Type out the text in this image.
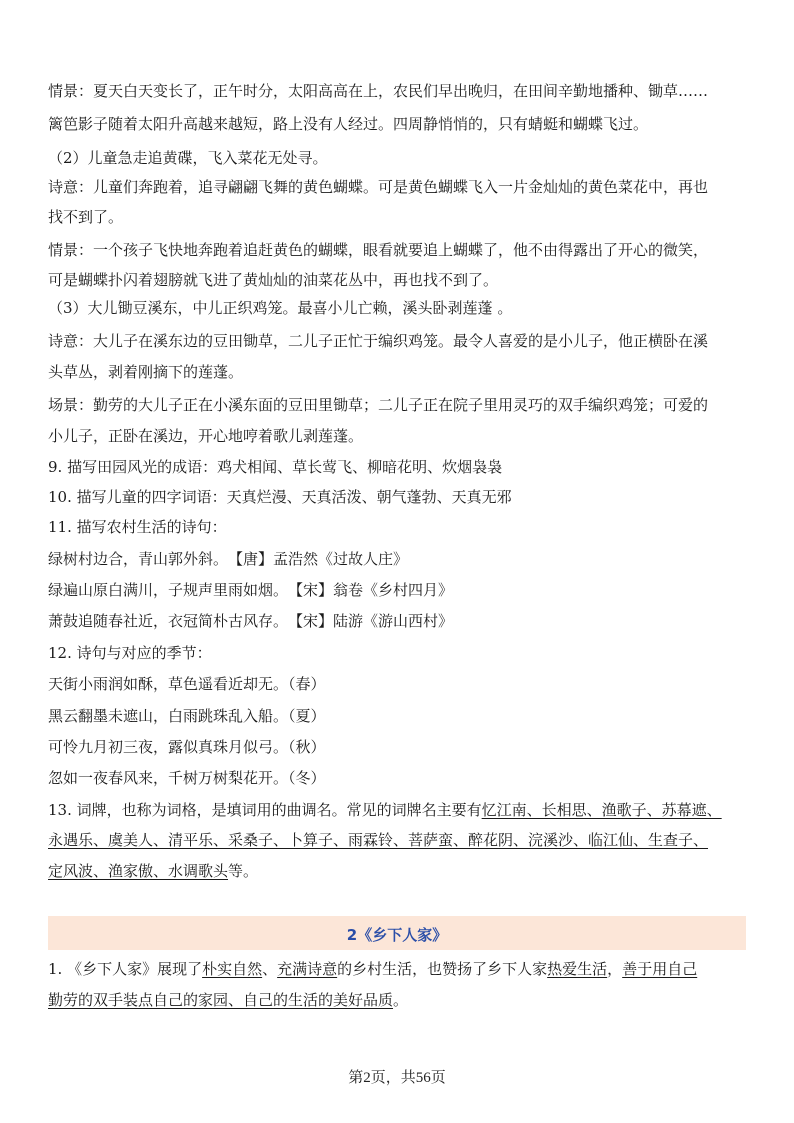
情景：夏天白天变长了，正午时分，太阳高高在上，农民们早出晚归，在田间辛勤地播种、锄草……
篱笆影子随着太阳升高越来越短，路上没有人经过。四周静悄悄的，只有蜻蜓和蝴蝶飞过。
（2）儿童急走追黄碟，飞入菜花无处寻。
诗意：儿童们奔跑着，追寻翩翩飞舞的黄色蝴蝶。可是黄色蝴蝶飞入一片金灿灿的黄色菜花中，再也
找不到了。
情景：一个孩子飞快地奔跑着追赶黄色的蝴蝶，眼看就要追上蝴蝶了，他不由得露出了开心的微笑，
可是蝴蝶扑闪着翅膀就飞进了黄灿灿的油菜花丛中，再也找不到了。
（3）大儿锄豆溪东，中儿正织鸡笼。最喜小儿亡赖，溪头卧剥莲蓬 。
诗意：大儿子在溪东边的豆田锄草，二儿子正忙于编织鸡笼。最令人喜爱的是小儿子，他正横卧在溪
头草丛，剥着刚摘下的莲蓬。
场景：勤劳的大儿子正在小溪东面的豆田里锄草；二儿子正在院子里用灵巧的双手编织鸡笼；可爱的
小儿子，正卧在溪边，开心地哼着歌儿剥莲蓬。
9. 描写田园风光的成语：鸡犬相闻、草长莺飞、柳暗花明、炊烟袅袅
10. 描写儿童的四字词语：天真烂漫、天真活泼、朝气蓬勃、天真无邪
11. 描写农村生活的诗句：
绿树村边合，青山郭外斜。　【唐】孟浩然《过故人庄》
绿遍山原白满川，子规声里雨如烟。　【宋】翁卷《乡村四月》
萧鼓追随春社近，衣冠简朴古风存。　【宋】陆游《游山西村》
12. 诗句与对应的季节：
天街小雨润如酥，草色遥看近却无。（春）
黑云翻墨未遮山，白雨跳珠乱入船。（夏）
可怜九月初三夜，露似真珠月似弓。（秋）
忽如一夜春风来，千树万树梨花开。（冬）
13. 词牌，也称为词格，是填词用的曲调名。常见的词牌名主要有忆江南、长相思、渔歌子、苏幕遮、
永遇乐、虞美人、清平乐、采桑子、卜算子、雨霖铃、菩萨蛮、醉花阴、浣溪沙、临江仙、生查子、
定风波、渔家傲、水调歌头等。
2《乡下人家》
1. 《乡下人家》展现了朴实自然、充满诗意的乡村生活，也赞扬了乡下人家热爱生活，善于用自己
勤劳的双手装点自己的家园、自己的生活的美好品质。
第2页，共56页
